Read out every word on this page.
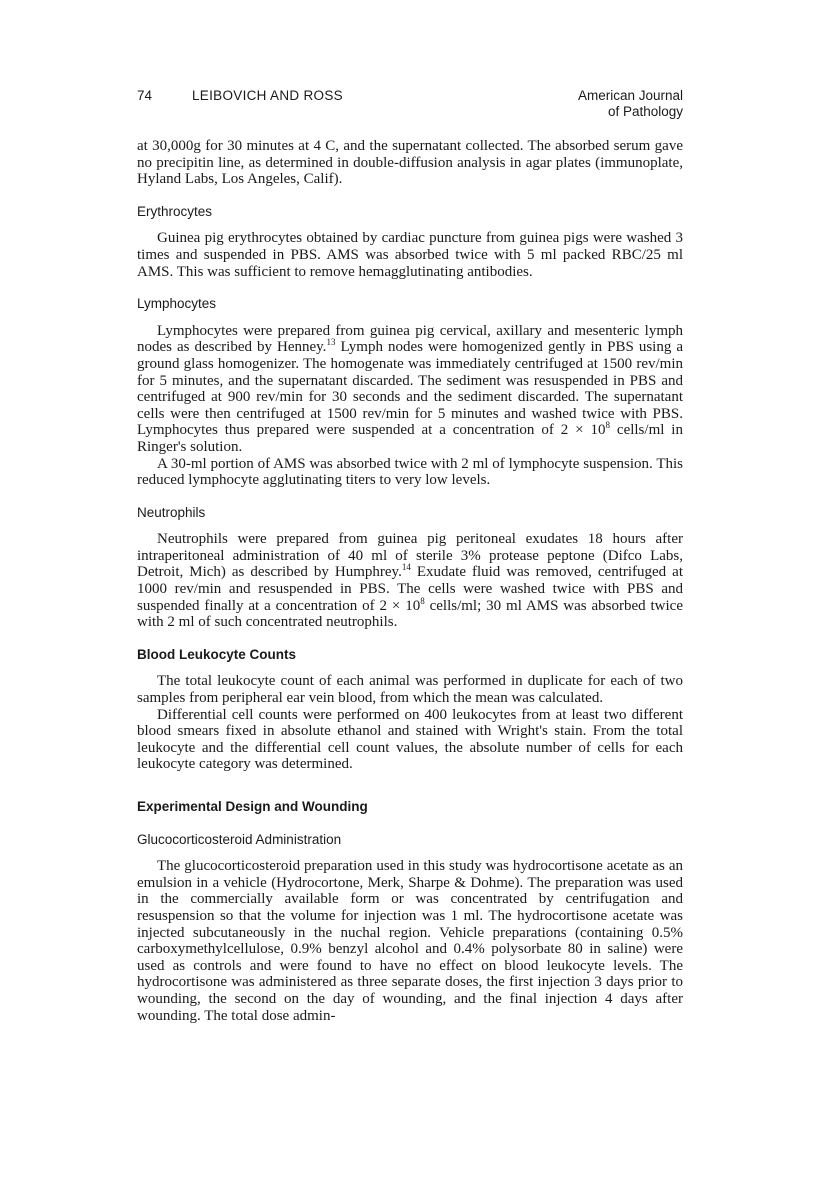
74	LEIBOVICH AND ROSS	American Journal
of Pathology

at 30,000g for 30 minutes at 4 C, and the supernatant collected. The absorbed serum gave no precipitin line, as determined in double-diffusion analysis in agar plates (immunoplate, Hyland Labs, Los Angeles, Calif).

Erythrocytes

Guinea pig erythrocytes obtained by cardiac puncture from guinea pigs were washed 3 times and suspended in PBS. AMS was absorbed twice with 5 ml packed RBC/25 ml AMS. This was sufficient to remove hemagglutinating antibodies.

Lymphocytes

Lymphocytes were prepared from guinea pig cervical, axillary and mesenteric lymph nodes as described by Henney.$^{13}$ Lymph nodes were homogenized gently in PBS using a ground glass homogenizer. The homogenate was immediately centrifuged at 1500 rev/min for 5 minutes, and the supernatant discarded. The sediment was resuspended in PBS and centrifuged at 900 rev/min for 30 seconds and the sediment discarded. The supernatant cells were then centrifuged at 1500 rev/min for 5 minutes and washed twice with PBS. Lymphocytes thus prepared were suspended at a concentration of $2 \times 10^8$ cells/ml in Ringer's solution.

A 30-ml portion of AMS was absorbed twice with 2 ml of lymphocyte suspension. This reduced lymphocyte agglutinating titers to very low levels.

Neutrophils

Neutrophils were prepared from guinea pig peritoneal exudates 18 hours after intraperitoneal administration of 40 ml of sterile 3% protease peptone (Difco Labs, Detroit, Mich) as described by Humphrey.$^{14}$ Exudate fluid was removed, centrifuged at 1000 rev/min and resuspended in PBS. The cells were washed twice with PBS and suspended finally at a concentration of $2 \times 10^8$ cells/ml; 30 ml AMS was absorbed twice with 2 ml of such concentrated neutrophils.

Blood Leukocyte Counts

The total leukocyte count of each animal was performed in duplicate for each of two samples from peripheral ear vein blood, from which the mean was calculated.

Differential cell counts were performed on 400 leukocytes from at least two different blood smears fixed in absolute ethanol and stained with Wright's stain. From the total leukocyte and the differential cell count values, the absolute number of cells for each leukocyte category was determined.

Experimental Design and Wounding
Glucocorticosteroid Administration

The glucocorticosteroid preparation used in this study was hydrocortisone acetate as an emulsion in a vehicle (Hydrocortone, Merk, Sharpe & Dohme). The preparation was used in the commercially available form or was concentrated by centrifugation and resuspension so that the volume for injection was 1 ml. The hydrocortisone acetate was injected subcutaneously in the nuchal region. Vehicle preparations (containing 0.5% carboxymethylcellulose, 0.9% benzyl alcohol and 0.4% polysorbate 80 in saline) were used as controls and were found to have no effect on blood leukocyte levels. The hydrocortisone was administered as three separate doses, the first injection 3 days prior to wounding, the second on the day of wounding, and the final injection 4 days after wounding. The total dose admin-
